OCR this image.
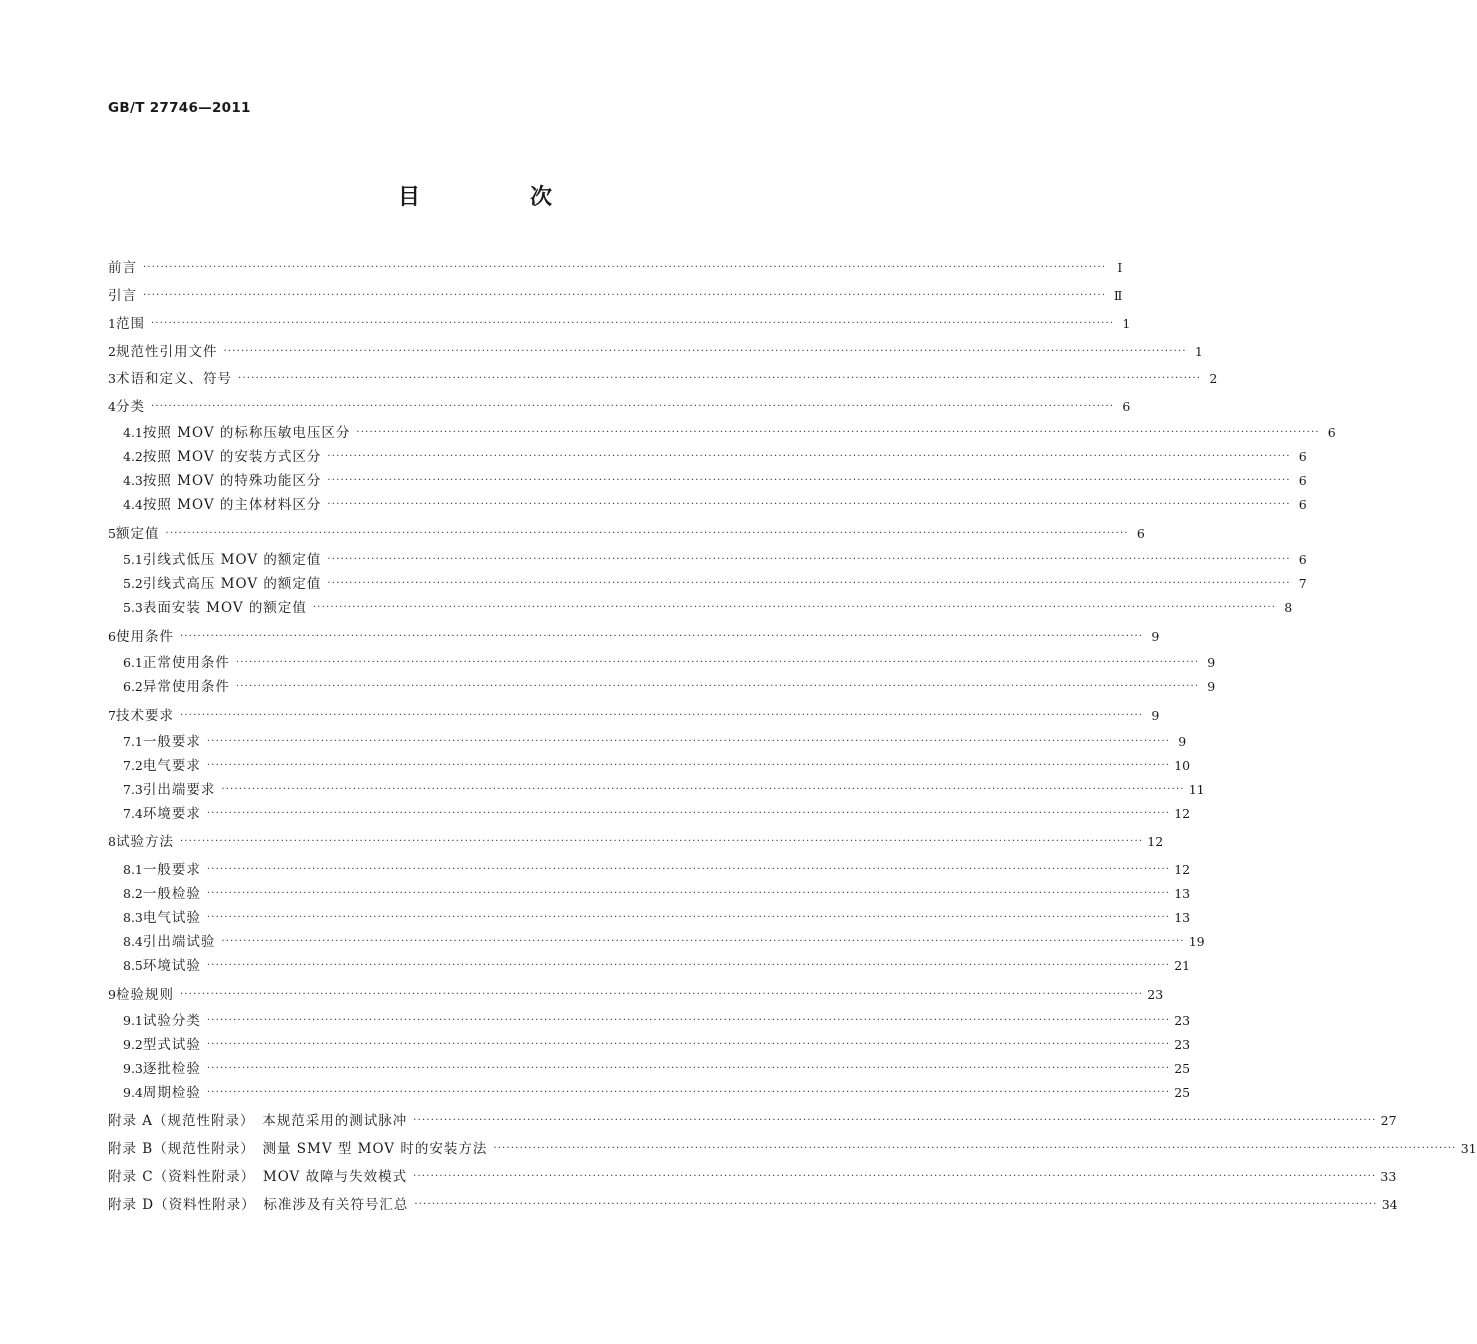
GB/T 27746—2011
目　次
前言 ···························································································································································································································· Ⅰ
引言 ···························································································································································································································· Ⅱ
1 范围 ···························································································································································································································· 1
2 规范性引用文件 ···························································································································································································································· 1
3 术语和定义、符号 ···························································································································································································································· 2
4 分类 ···························································································································································································································· 6
4.1 按照 MOV 的标称压敏电压区分 ···························································································································································································································· 6
4.2 按照 MOV 的安装方式区分 ···························································································································································································································· 6
4.3 按照 MOV 的特殊功能区分 ···························································································································································································································· 6
4.4 按照 MOV 的主体材料区分 ···························································································································································································································· 6
5 额定值 ···························································································································································································································· 6
5.1 引线式低压 MOV 的额定值 ···························································································································································································································· 6
5.2 引线式高压 MOV 的额定值 ···························································································································································································································· 7
5.3 表面安装 MOV 的额定值 ···························································································································································································································· 8
6 使用条件 ···························································································································································································································· 9
6.1 正常使用条件 ···························································································································································································································· 9
6.2 异常使用条件 ···························································································································································································································· 9
7 技术要求 ···························································································································································································································· 9
7.1 一般要求 ···························································································································································································································· 9
7.2 电气要求 ···························································································································································································································· 10
7.3 引出端要求 ···························································································································································································································· 11
7.4 环境要求 ···························································································································································································································· 12
8 试验方法 ···························································································································································································································· 12
8.1 一般要求 ···························································································································································································································· 12
8.2 一般检验 ···························································································································································································································· 13
8.3 电气试验 ···························································································································································································································· 13
8.4 引出端试验 ···························································································································································································································· 19
8.5 环境试验 ···························································································································································································································· 21
9 检验规则 ···························································································································································································································· 23
9.1 试验分类 ···························································································································································································································· 23
9.2 型式试验 ···························································································································································································································· 23
9.3 逐批检验 ···························································································································································································································· 25
9.4 周期检验 ···························································································································································································································· 25
附录 A（规范性附录）　本规范采用的测试脉冲 ···························································································································································································································· 27
附录 B（规范性附录）　测量 SMV 型 MOV 时的安装方法 ···························································································································································································································· 31
附录 C（资料性附录）　MOV 故障与失效模式 ···························································································································································································································· 33
附录 D（资料性附录）　标准涉及有关符号汇总 ···························································································································································································································· 34
